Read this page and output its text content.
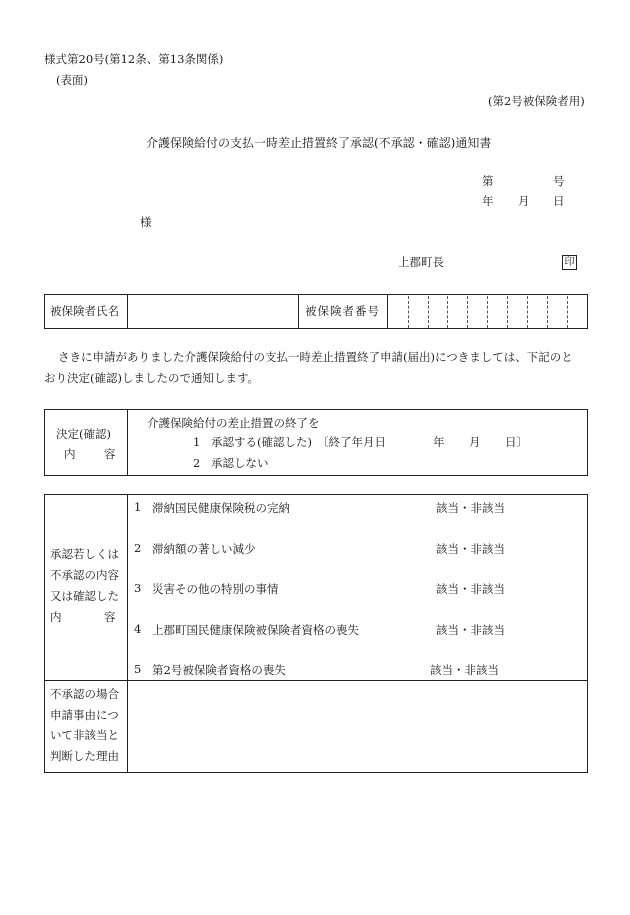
様式第20号(第12条、第13条関係)
(表面)
(第2号被保険者用)
介護保険給付の支払一時差止措置終了承認(不承認・確認)通知書
第	号
年 月 日
様
上郡町長	印
被保険者氏名	被保険者番号
さきに申請がありました介護保険給付の支払一時差止措置終了申請(届出)につきましては、下記のと
おり決定(確認)しましたので通知します。
決定(確認)
内 容
介護保険給付の差止措置の終了を
1 承認する(確認した) 〔終了年月日	年 月 日〕
2 承認しない
承認若しくは
不承認の内容
又は確認した
内	容
1 滞納国民健康保険税の完納	該当・非該当
2 滞納額の著しい減少	該当・非該当
3 災害その他の特別の事情	該当・非該当
4 上郡町国民健康保険被保険者資格の喪失	該当・非該当
5 第2号被保険者資格の喪失	該当・非該当
不承認の場合
申請事由につ
いて非該当と
判断した理由
